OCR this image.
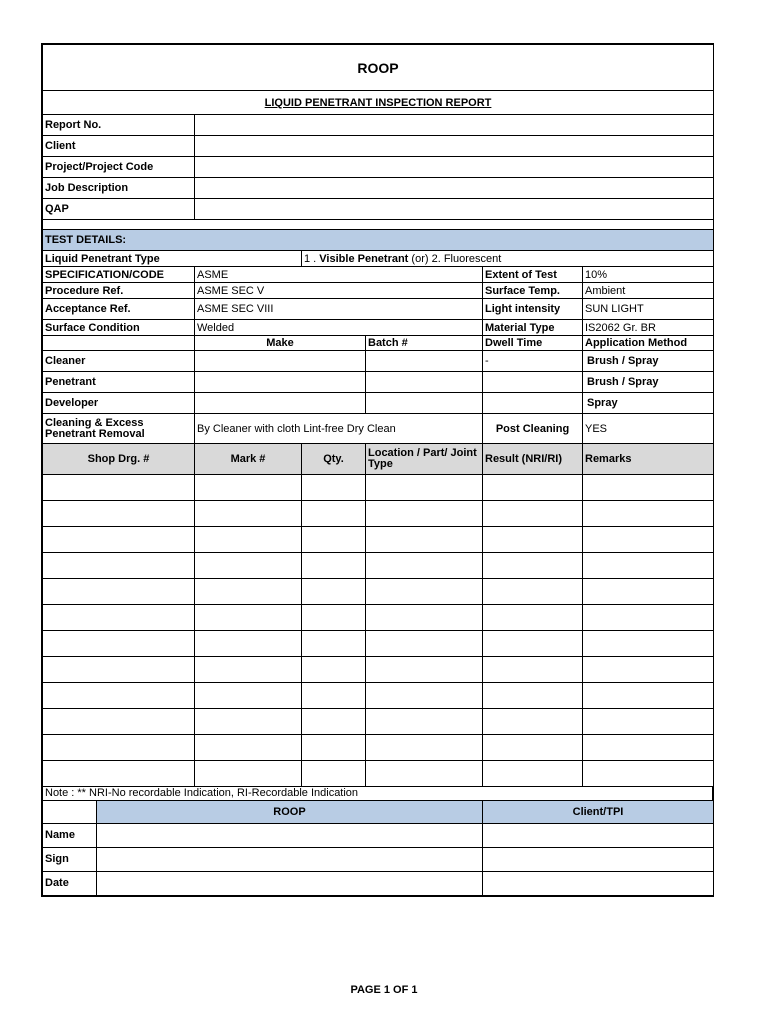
ROOP					
LIQUID PENETRANT INSPECTION REPORT					
Report No.					
Client					
Project/Project Code					
Job Description					
QAP					

TEST DETAILS:					
Liquid Penetrant Type		1 . Visible Penetrant (or) 2. Fluorescent			
SPECIFICATION/CODE	ASME			Extent of Test	10%
Procedure Ref.	ASME SEC V			Surface Temp.	Ambient
Acceptance Ref.	ASME SEC VIII			Light intensity	SUN LIGHT
Surface Condition	Welded			Material Type	IS2062 Gr. BR
	Make		Batch #	Dwell Time	Application Method
Cleaner				-	Brush / Spray
Penetrant					Brush / Spray
Developer					Spray
Cleaning & Excess Penetrant Removal	By Cleaner with cloth Lint-free Dry Clean			Post Cleaning	YES
Shop Drg. #	Mark #	Qty.	Location / Part/ Joint Type	Result (NRI/RI)	Remarks

Note : ** NRI-No recordable Indication, RI-Recordable Indication
	ROOP	Client/TPI
Name		
Sign		
Date		
PAGE 1 OF 1
